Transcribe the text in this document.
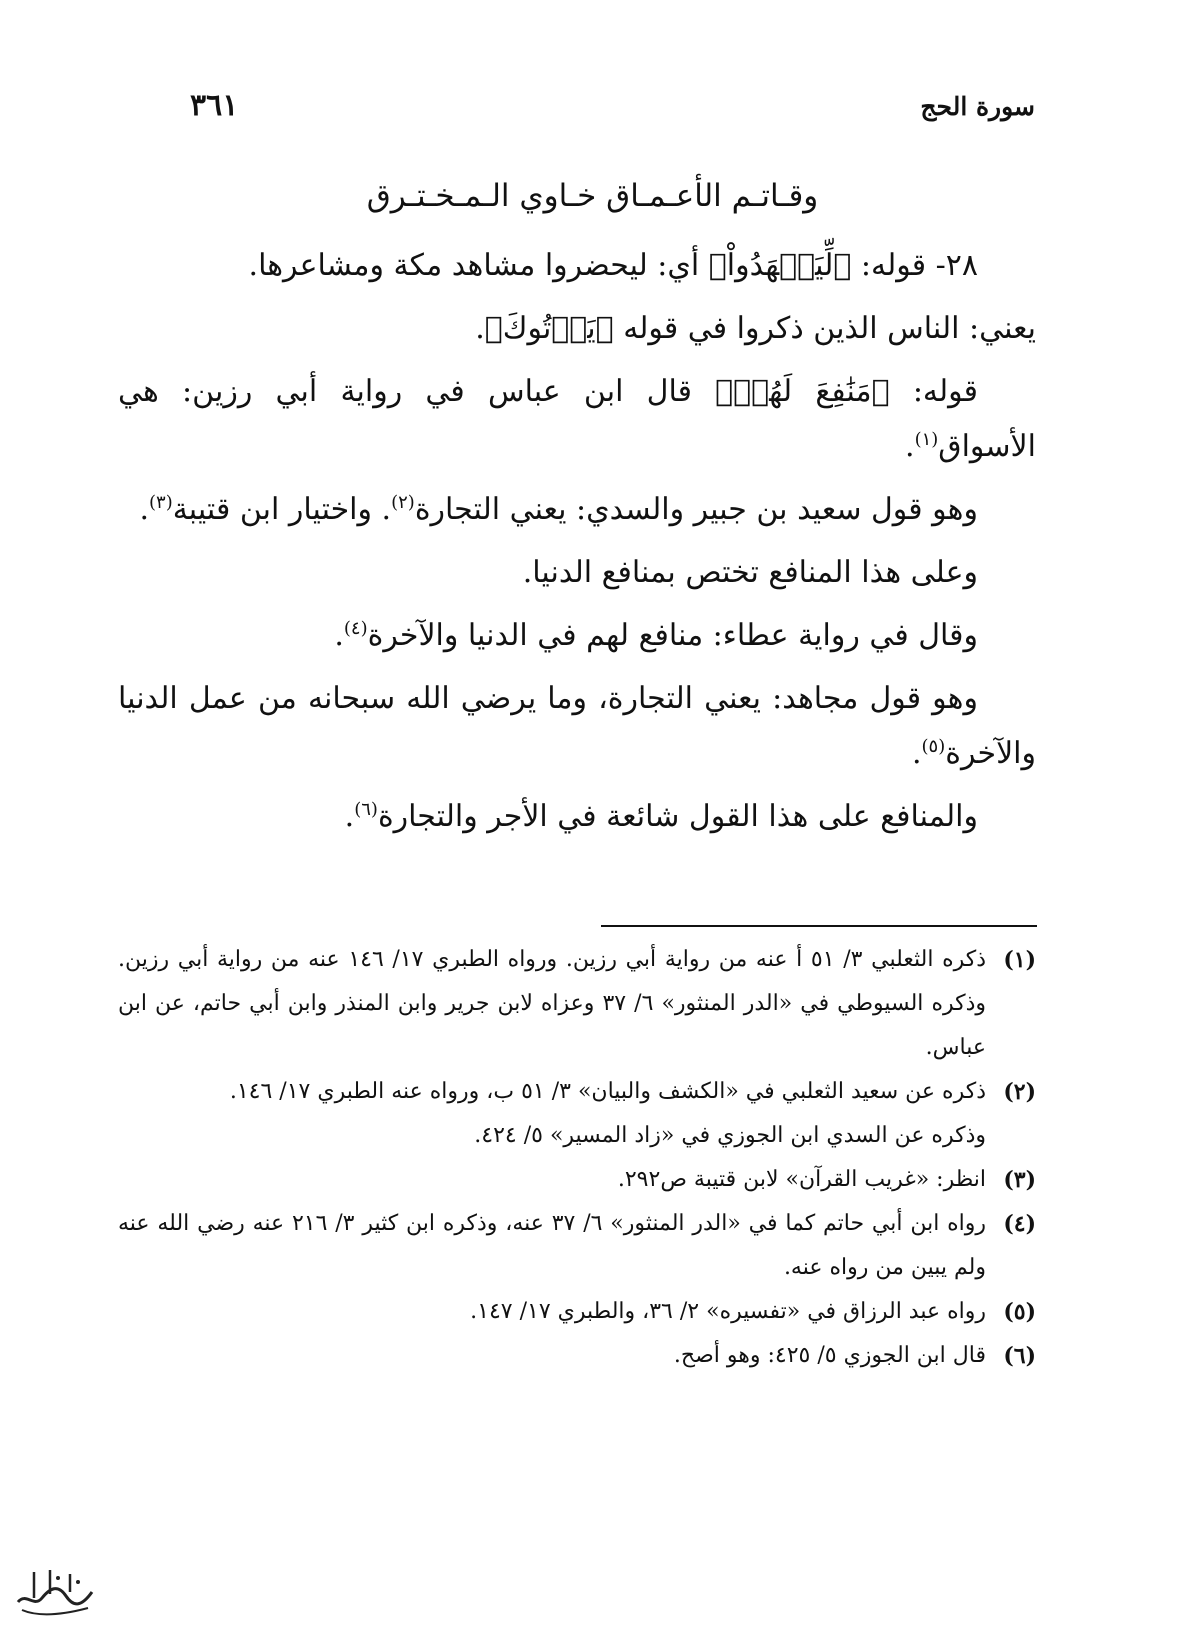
سورة الحج
٣٦١
وقـاتـم الأعـمـاق خـاوي الـمـخـتـرق

٢٨- قوله: ﴿لِّيَشۡهَدُواْ﴾ أي: ليحضروا مشاهد مكة ومشاعرها.

يعني: الناس الذين ذكروا في قوله ﴿يَأۡتُوكَ﴾.

قوله: ﴿مَنَٰفِعَ لَهُمۡ﴾ قال ابن عباس في رواية أبي رزين: هي الأسواق$^{(١)}$.

وهو قول سعيد بن جبير والسدي: يعني التجارة$^{(٢)}$. واختيار ابن قتيبة$^{(٣)}$.

وعلى هذا المنافع تختص بمنافع الدنيا.

وقال في رواية عطاء: منافع لهم في الدنيا والآخرة$^{(٤)}$.

وهو قول مجاهد: يعني التجارة، وما يرضي الله سبحانه من عمل الدنيا والآخرة$^{(٥)}$.

والمنافع على هذا القول شائعة في الأجر والتجارة$^{(٦)}$.

(١)
ذكره الثعلبي ٣/ ٥١ أ عنه من رواية أبي رزين. ورواه الطبري ١٧/ ١٤٦ عنه من رواية أبي رزين. وذكره السيوطي في «الدر المنثور» ٦/ ٣٧ وعزاه لابن جرير وابن المنذر وابن أبي حاتم، عن ابن عباس.
(٢)
ذكره عن سعيد الثعلبي في «الكشف والبيان» ٣/ ٥١ ب، ورواه عنه الطبري ١٧/ ١٤٦.
وذكره عن السدي ابن الجوزي في «زاد المسير» ٥/ ٤٢٤.
(٣)
انظر: «غريب القرآن» لابن قتيبة ص٢٩٢.
(٤)
رواه ابن أبي حاتم كما في «الدر المنثور» ٦/ ٣٧ عنه، وذكره ابن كثير ٣/ ٢١٦ عنه رضي الله عنه ولم يبين من رواه عنه.
(٥)
رواه عبد الرزاق في «تفسيره» ٢/ ٣٦، والطبري ١٧/ ١٤٧.
(٦)
قال ابن الجوزي ٥/ ٤٢٥: وهو أصح.
